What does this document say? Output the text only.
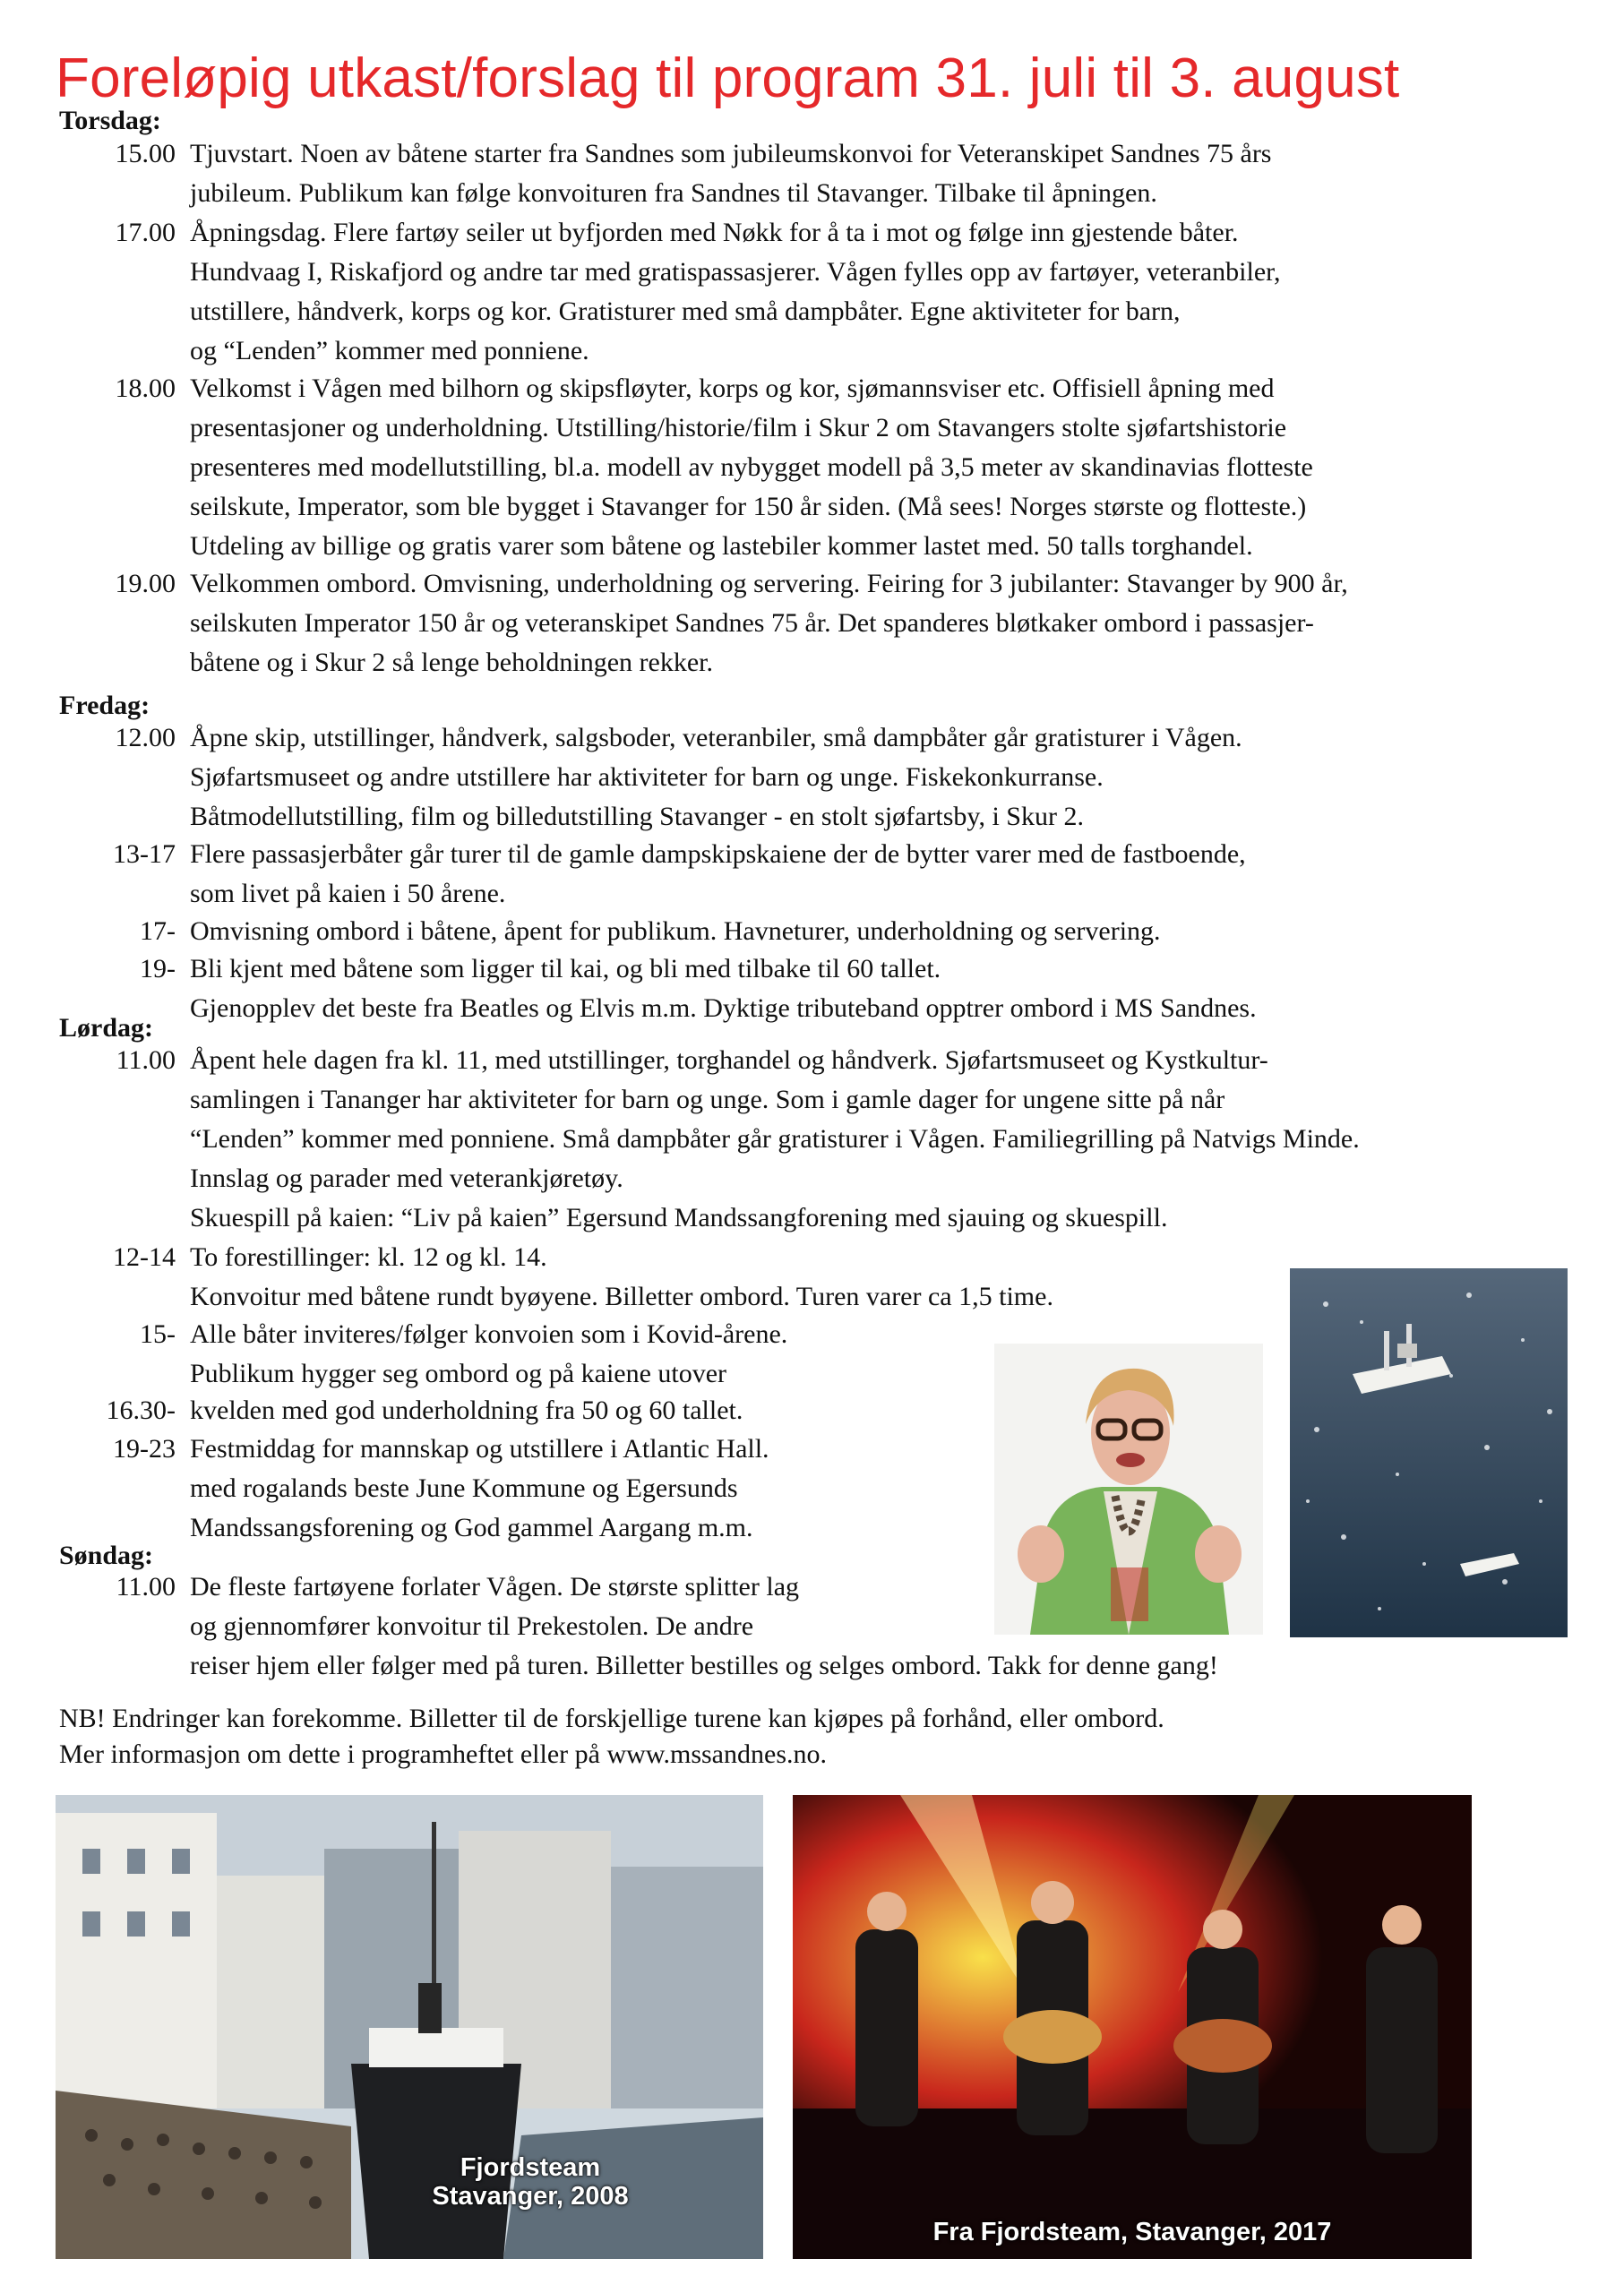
Foreløpig utkast/forslag til program 31. juli til 3. august
Torsdag:
15.00 Tjuvstart. Noen av båtene starter fra Sandnes som jubileumskonvoi for Veteranskipet Sandnes 75 års
jubileum. Publikum kan følge konvoituren fra Sandnes til Stavanger. Tilbake til åpningen.
17.00 Åpningsdag. Flere fartøy seiler ut byfjorden med Nøkk for å ta i mot og følge inn gjestende båter.
Hundvaag I, Riskafjord og andre tar med gratispassasjerer. Vågen fylles opp av fartøyer, veteranbiler,
utstillere, håndverk, korps og kor. Gratisturer med små dampbåter. Egne aktiviteter for barn,
og “Lenden” kommer med ponniene.
18.00 Velkomst i Vågen med bilhorn og skipsfløyter, korps og kor, sjømannsviser etc. Offisiell åpning med
presentasjoner og underholdning. Utstilling/historie/film i Skur 2 om Stavangers stolte sjøfartshistorie
presenteres med modellutstilling, bl.a. modell av nybygget modell på 3,5 meter av skandinavias flotteste
seilskute, Imperator, som ble bygget i Stavanger for 150 år siden. (Må sees! Norges største og flotteste.)
Utdeling av billige og gratis varer som båtene og lastebiler kommer lastet med. 50 talls torghandel.
19.00 Velkommen ombord. Omvisning, underholdning og servering. Feiring for 3 jubilanter: Stavanger by 900 år,
seilskuten Imperator 150 år og veteranskipet Sandnes 75 år. Det spanderes bløtkaker ombord i passasjer-
båtene og i Skur 2 så lenge beholdningen rekker.
Fredag:
12.00 Åpne skip, utstillinger, håndverk, salgsboder, veteranbiler, små dampbåter går gratisturer i Vågen.
Sjøfartsmuseet og andre utstillere har aktiviteter for barn og unge. Fiskekonkurranse.
Båtmodellutstilling, film og billedutstilling Stavanger - en stolt sjøfartsby, i Skur 2.
13-17 Flere passasjerbåter går turer til de gamle dampskipskaiene der de bytter varer med de fastboende,
som livet på kaien i 50 årene.
17- Omvisning ombord i båtene, åpent for publikum. Havneturer, underholdning og servering.
19- Bli kjent med båtene som ligger til kai, og bli med tilbake til 60 tallet.
Gjenopplev det beste fra Beatles og Elvis m.m. Dyktige tributeband opptrer ombord i MS Sandnes.
Lørdag:
11.00 Åpent hele dagen fra kl. 11, med utstillinger, torghandel og håndverk. Sjøfartsmuseet og Kystkultur-
samlingen i Tananger har aktiviteter for barn og unge. Som i gamle dager for ungene sitte på når
“Lenden” kommer med ponniene. Små dampbåter går gratisturer i Vågen. Familiegrilling på Natvigs Minde.
Innslag og parader med veterankjøretøy.
Skuespill på kaien: “Liv på kaien” Egersund Mandssangforening med sjauing og skuespill.
12-14 To forestillinger: kl. 12 og kl. 14.
Konvoitur med båtene rundt byøyene. Billetter ombord. Turen varer ca 1,5 time.
15- Alle båter inviteres/følger konvoien som i Kovid-årene.
Publikum hygger seg ombord og på kaiene utover
16.30- kvelden med god underholdning fra 50 og 60 tallet.
19-23 Festmiddag for mannskap og utstillere i Atlantic Hall.
med rogalands beste June Kommune og Egersunds
Mandssangsforening og God gammel Aargang m.m.
Søndag:
11.00 De fleste fartøyene forlater Vågen. De største splitter lag
og gjennomfører konvoitur til Prekestolen. De andre
reiser hjem eller følger med på turen. Billetter bestilles og selges ombord. Takk for denne gang!
NB! Endringer kan forekomme. Billetter til de forskjellige turene kan kjøpes på forhånd, eller ombord.
Mer informasjon om dette i programheftet eller på www.mssandnes.no.
Fjordsteam
Stavanger, 2008
Fra Fjordsteam, Stavanger, 2017
